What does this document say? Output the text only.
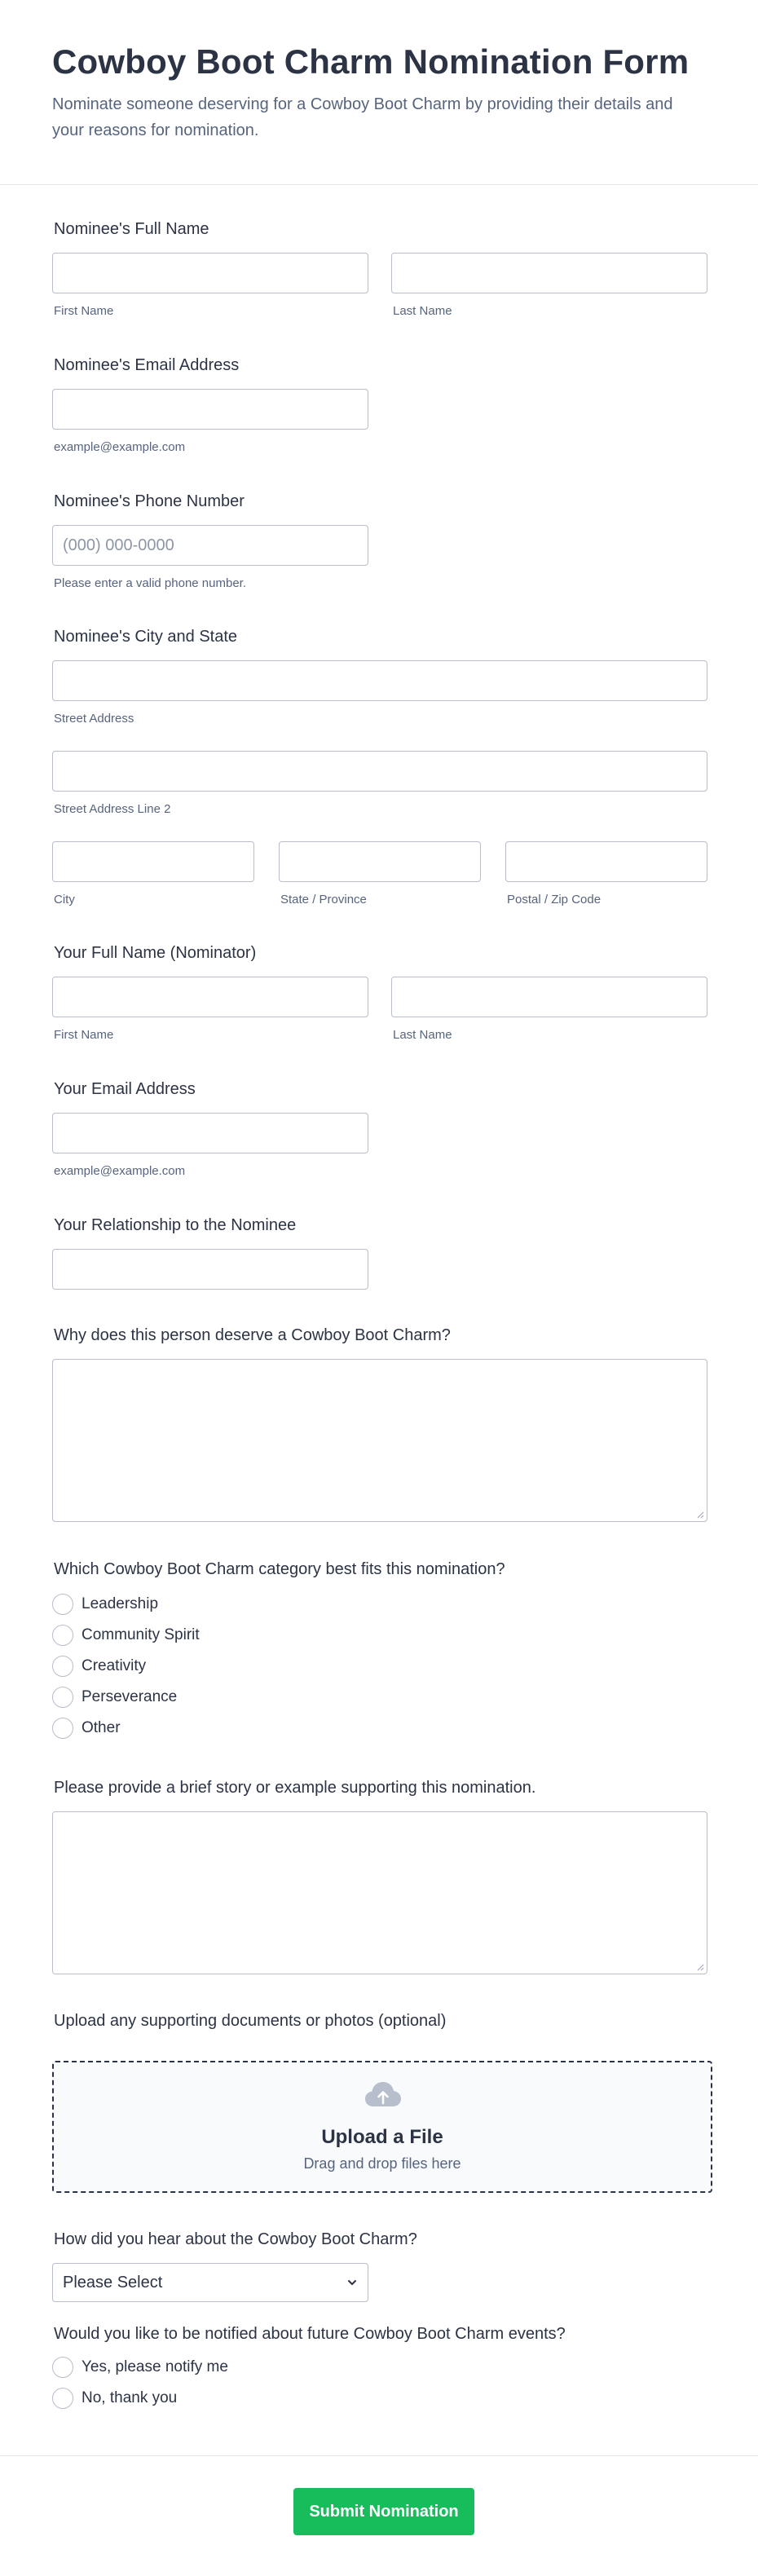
Cowboy Boot Charm Nomination Form

Nominate someone deserving for a Cowboy Boot Charm by providing their details and your reasons for nomination.

Nominee's Full Name
First Name	Last Name
Nominee's Email Address
example@example.com
Nominee's Phone Number
(000) 000-0000
Please enter a valid phone number.
Nominee's City and State
Street Address
Street Address Line 2
City	State / Province	Postal / Zip Code
Your Full Name (Nominator)
First Name	Last Name
Your Email Address
example@example.com
Your Relationship to the Nominee
Why does this person deserve a Cowboy Boot Charm?
Which Cowboy Boot Charm category best fits this nomination?
Leadership
Community Spirit
Creativity
Perseverance
Other
Please provide a brief story or example supporting this nomination.
Upload any supporting documents or photos (optional)
Upload a File
Drag and drop files here
How did you hear about the Cowboy Boot Charm?
Please Select
Would you like to be notified about future Cowboy Boot Charm events?
Yes, please notify me
No, thank you
Submit Nomination
